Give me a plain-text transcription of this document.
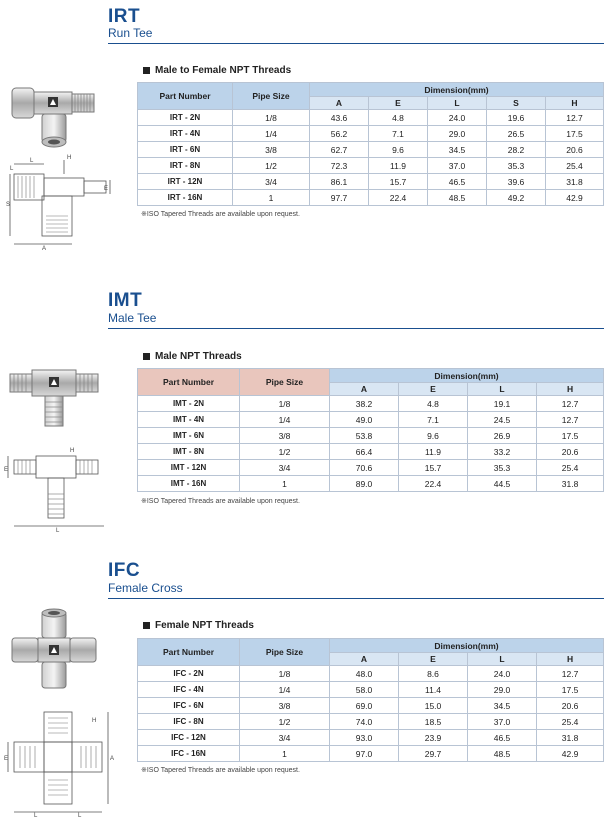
IRT
Run Tee
L	H
E
S
A
L
Male to Female NPT Threads
Part Number	Pipe Size	Dimension(mm)				
		A	E	L	S	H
IRT - 2N	1/8	43.6	4.8	24.0	19.6	12.7
IRT - 4N	1/4	56.2	7.1	29.0	26.5	17.5
IRT - 6N	3/8	62.7	9.6	34.5	28.2	20.6
IRT - 8N	1/2	72.3	11.9	37.0	35.3	25.4
IRT - 12N	3/4	86.1	15.7	46.5	39.6	31.8
IRT - 16N	1	97.7	22.4	48.5	49.2	42.9
※ISO Tapered Threads are available upon request.
IMT
Male Tee
H
E
L
Male NPT Threads
Part Number	Pipe Size	Dimension(mm)			
		A	E	L	H
IMT - 2N	1/8	38.2	4.8	19.1	12.7
IMT - 4N	1/4	49.0	7.1	24.5	12.7
IMT - 6N	3/8	53.8	9.6	26.9	17.5
IMT - 8N	1/2	66.4	11.9	33.2	20.6
IMT - 12N	3/4	70.6	15.7	35.3	25.4
IMT - 16N	1	89.0	22.4	44.5	31.8
※ISO Tapered Threads are available upon request.
IFC
Female Cross
H
E	A
L	L
Female NPT Threads
Part Number	Pipe Size	Dimension(mm)			
		A	E	L	H
IFC - 2N	1/8	48.0	8.6	24.0	12.7
IFC - 4N	1/4	58.0	11.4	29.0	17.5
IFC - 6N	3/8	69.0	15.0	34.5	20.6
IFC - 8N	1/2	74.0	18.5	37.0	25.4
IFC - 12N	3/4	93.0	23.9	46.5	31.8
IFC - 16N	1	97.0	29.7	48.5	42.9
※ISO Tapered Threads are available upon request.
